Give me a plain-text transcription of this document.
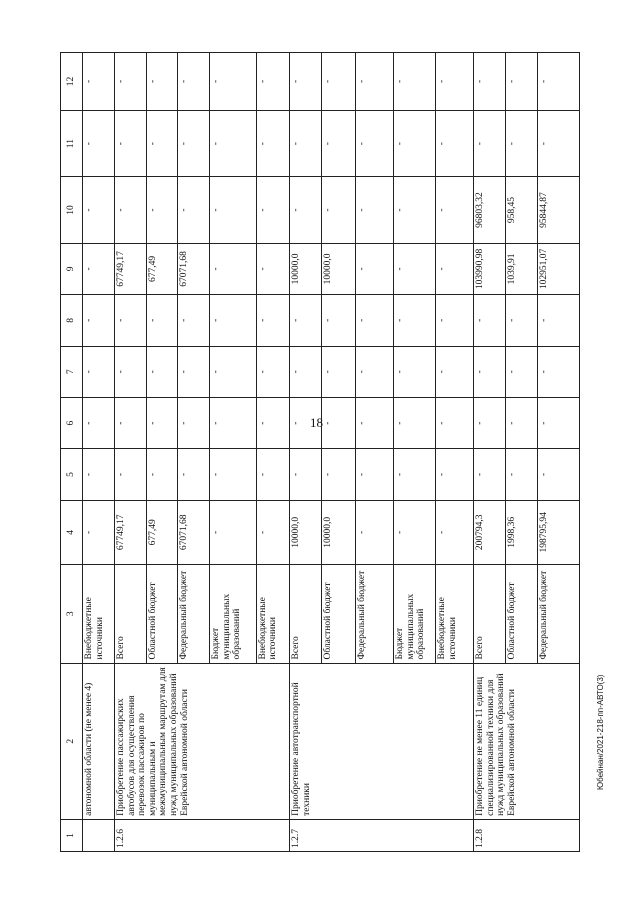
18
Юбейнан/2021-218-пп-АВТО(3)
1	2	3	4	5	6	7	8	9	10	11	12
	автономной области (не менее 4)	Внебюджетные источники	-	-	-	-	-	-	-	-	-
1.2.6	Приобретение пассажирских автобусов для осуществления перевозок пассажиров по муниципальным и межмуниципальным маршрутам для нужд муниципальных образований Еврейской автономной области	Всего	67749,17	-	-	-	-	67749,17	-	-	-
		Областной бюджет	677,49	-	-	-	-	677,49	-	-	-
		Федеральный бюджет	67071,68	-	-	-	-	67071,68	-	-	-
		Бюджет муниципальных образований	-	-	-	-	-	-	-	-	-
		Внебюджетные источники	-	-	-	-	-	-	-	-	-
1.2.7	Приобретение автотранспортной техники	Всего	10000,0	-	-	-	-	10000,0	-	-	-
		Областной бюджет	10000,0	-	-	-	-	10000,0	-	-	-
		Федеральный бюджет	-	-	-	-	-	-	-	-	-
		Бюджет муниципальных образований	-	-	-	-	-	-	-	-	-
		Внебюджетные источники	-	-	-	-	-	-	-	-	-
1.2.8	Приобретение не менее 11 единиц специализированной техники для нужд муниципальных образований Еврейской автономной области	Всего	200794,3	-	-	-	-	103990,98	96803,32	-	-
		Областной бюджет	1998,36	-	-	-	-	1039,91	958,45	-	-
		Федеральный бюджет	198795,94	-	-	-	-	102951,07	95844,87	-	-
